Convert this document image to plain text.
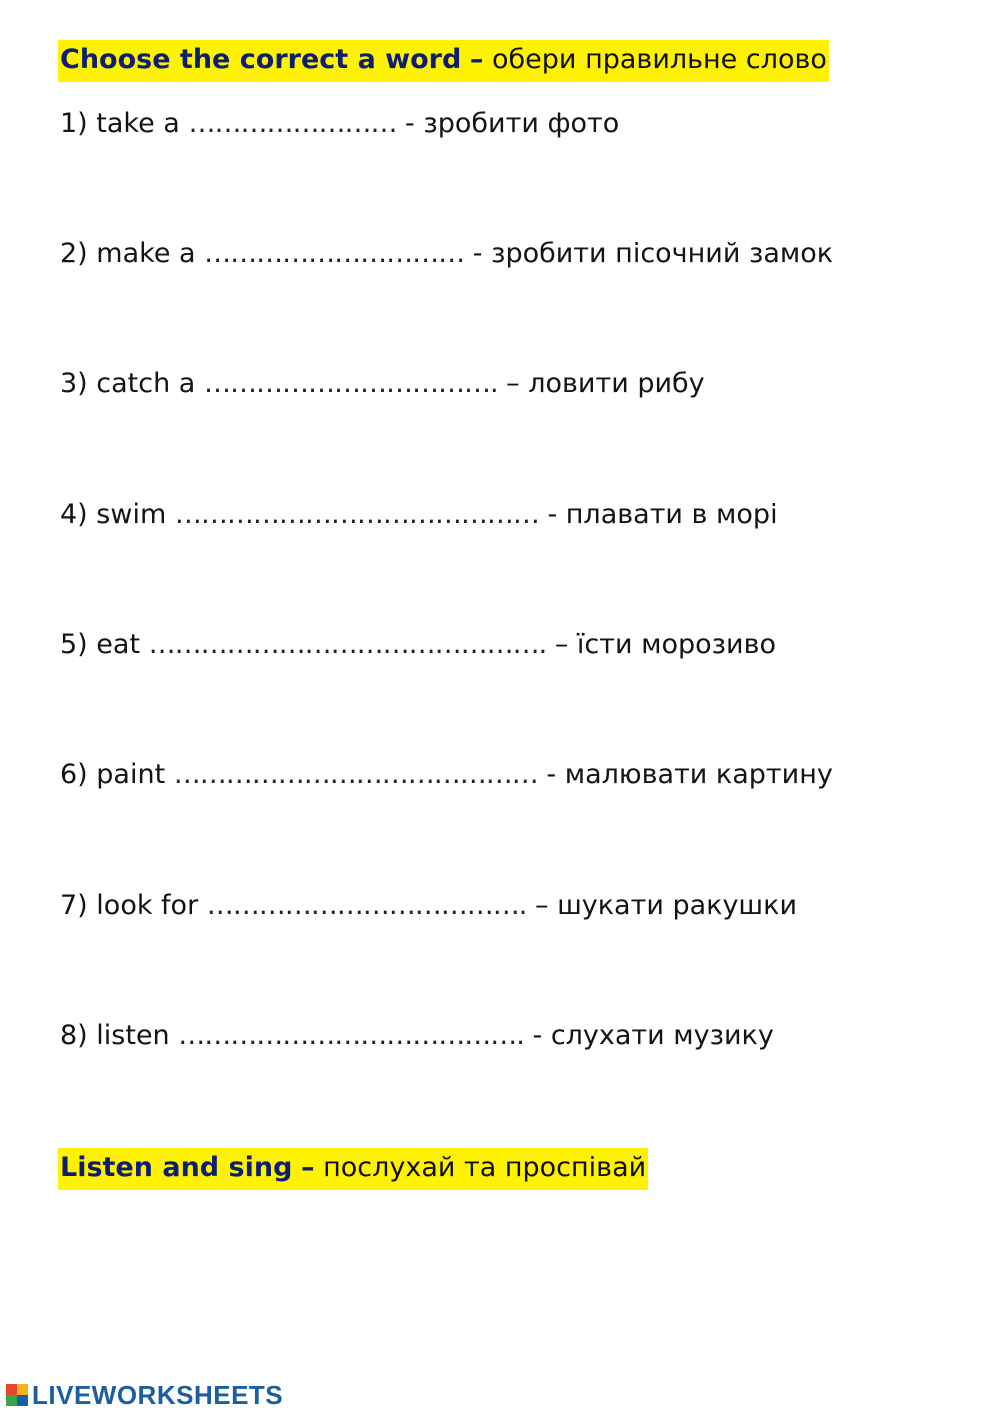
Choose the correct a word – обери правильне слово
1) take a …………………… - зробити фото
2) make a ………………………… - зробити пісочний замок
3) catch a ……………………………. – ловити рибу
4) swim …………………………………… - плавати в морі
5) eat ………………………………………. – їсти морозиво
6) paint …………………………………… - малювати картину
7) look for ………………………………. – шукати ракушки
8) listen …………………………………. - слухати музику
Listen and sing – послухай та проспівай
LIVEWORKSHEETS
